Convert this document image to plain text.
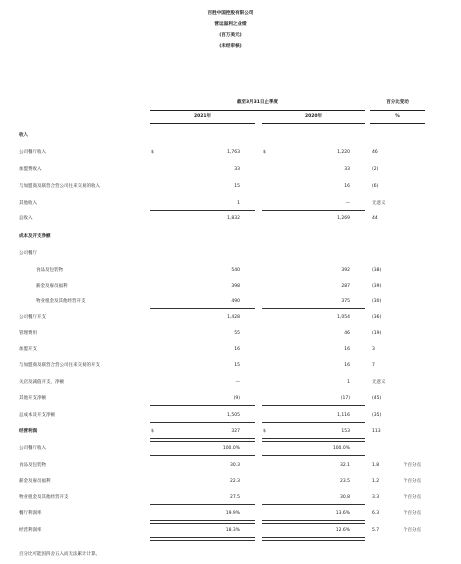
百胜中国控股有限公司
营运溢利之业绩
(百万美元)
(未经审核)
截至3月31日止季度
2021年	2020年
百分比变动
%
收入
公司餐厅收入	$	1,763	$	1,220	46
加盟费收入	33	33	(2)
与加盟商及联营合营公司往来交易的收入	15	16	(6)
其他收入	1	—	无意义
总收入	1,832	1,269	44
成本及开支净额
公司餐厅
食品及包装物	540	392	(38)
薪金及雇员福利	398	287	(39)
物业租金及其他经营开支	490	375	(30)
公司餐厅开支	1,428	1,054	(36)
管理费用	55	46	(19)
加盟开支	16	16	3
与加盟商及联营合营公司往来交易的开支	15	16	7
关店及减值开支，净额	—	1	无意义
其他开支净额	(9)	(17)	(45)
总成本及开支净额	1,505	1,116	(35)
经营利润	$	327	$	153	113
公司餐厅收入	100.0%	100.0%
食品及包装物	30.3	32.1	1.8	个百分点
薪金及雇员福利	22.3	23.5	1.2	个百分点
物业租金及其他经营开支	27.5	30.8	3.3	个百分点
餐厅利润率	19.9%	13.6%	6.3	个百分点
经营利润率	18.3%	12.6%	5.7	个百分点
百分比可能因四舍五入而无法累计计算。
